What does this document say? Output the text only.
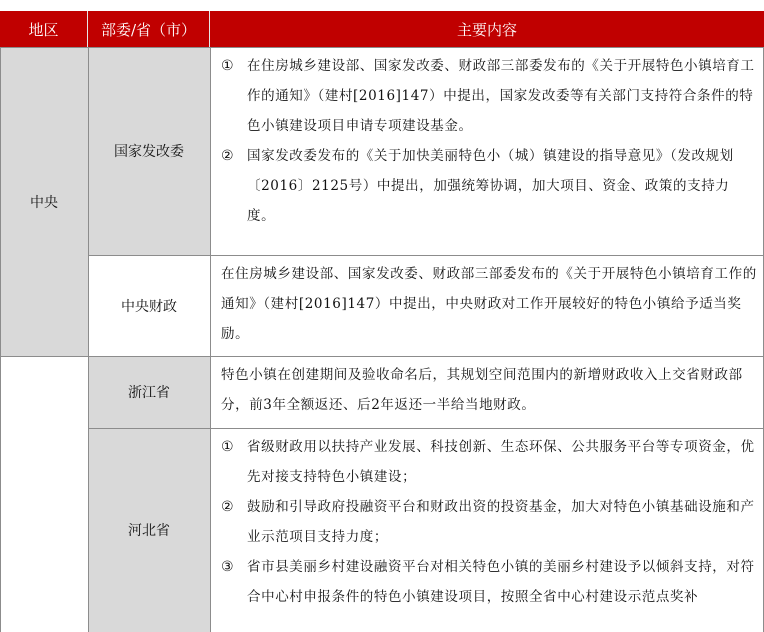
地区	部委/省（市）	主要内容
中央
国家发改委
① 在住房城乡建设部、国家发改委、财政部三部委发布的《关于开展特色小镇培育工作的通知》（建村[2016]147）中提出，国家发改委等有关部门支持符合条件的特色小镇建设项目申请专项建设基金。
② 国家发改委发布的《关于加快美丽特色小（城）镇建设的指导意见》（发改规划〔2016〕2125号）中提出，加强统筹协调，加大项目、资金、政策的支持力度。
中央财政
在住房城乡建设部、国家发改委、财政部三部委发布的《关于开展特色小镇培育工作的通知》（建村[2016]147）中提出，中央财政对工作开展较好的特色小镇给予适当奖励。
浙江省
特色小镇在创建期间及验收命名后，其规划空间范围内的新增财政收入上交省财政部分，前3年全额返还、后2年返还一半给当地财政。
河北省
① 省级财政用以扶持产业发展、科技创新、生态环保、公共服务平台等专项资金，优先对接支持特色小镇建设；
② 鼓励和引导政府投融资平台和财政出资的投资基金，加大对特色小镇基础设施和产业示范项目支持力度；
③ 省市县美丽乡村建设融资平台对相关特色小镇的美丽乡村建设予以倾斜支持，对符合中心村申报条件的特色小镇建设项目，按照全省中心村建设示范点奖补
